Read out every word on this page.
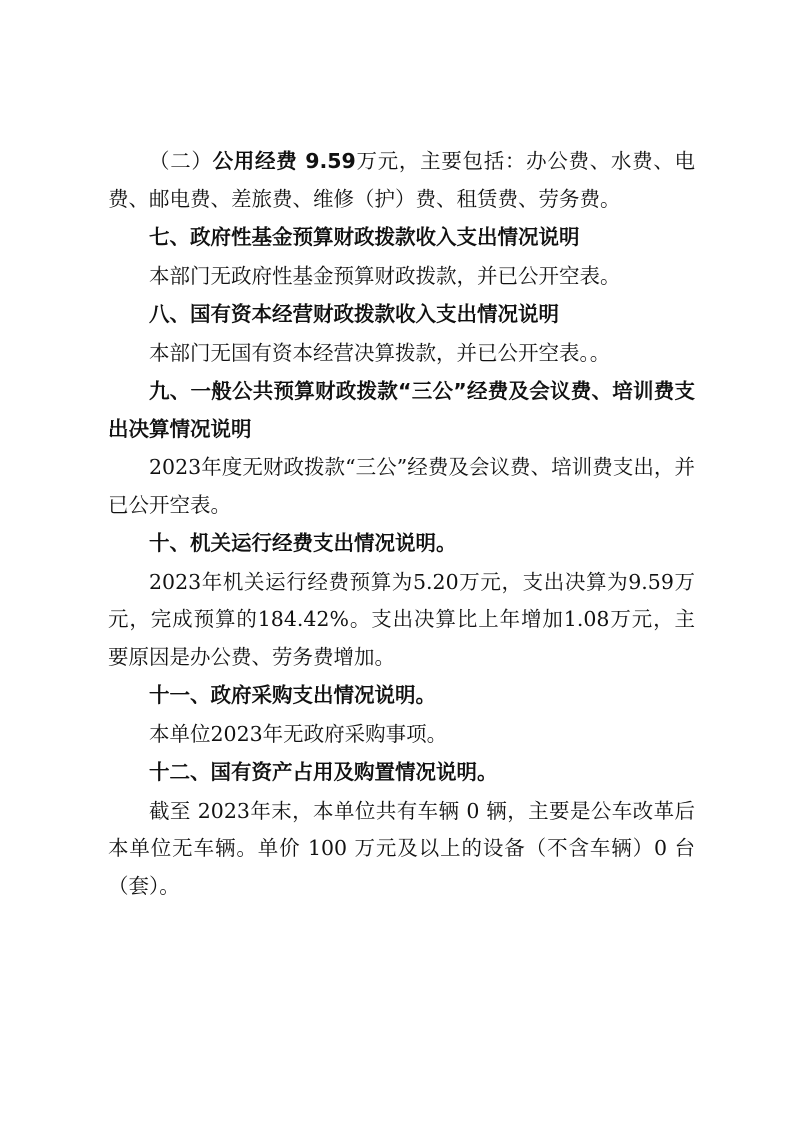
（二）公用经费 9.59万元，主要包括：办公费、水费、电费、邮电费、差旅费、维修（护）费、租赁费、劳务费。

七、政府性基金预算财政拨款收入支出情况说明

本部门无政府性基金预算财政拨款，并已公开空表。

八、国有资本经营财政拨款收入支出情况说明

本部门无国有资本经营决算拨款，并已公开空表。。

九、一般公共预算财政拨款“三公”经费及会议费、培训费支出决算情况说明

2023年度无财政拨款“三公”经费及会议费、培训费支出，并已公开空表。

十、机关运行经费支出情况说明。

2023年机关运行经费预算为5.20万元，支出决算为9.59万元，完成预算的184.42%。支出决算比上年增加1.08万元，主要原因是办公费、劳务费增加。

十一、政府采购支出情况说明。

本单位2023年无政府采购事项。

十二、国有资产占用及购置情况说明。

截至 2023年末，本单位共有车辆 0 辆，主要是公车改革后本单位无车辆。单价 100 万元及以上的设备（不含车辆）0 台（套）。
